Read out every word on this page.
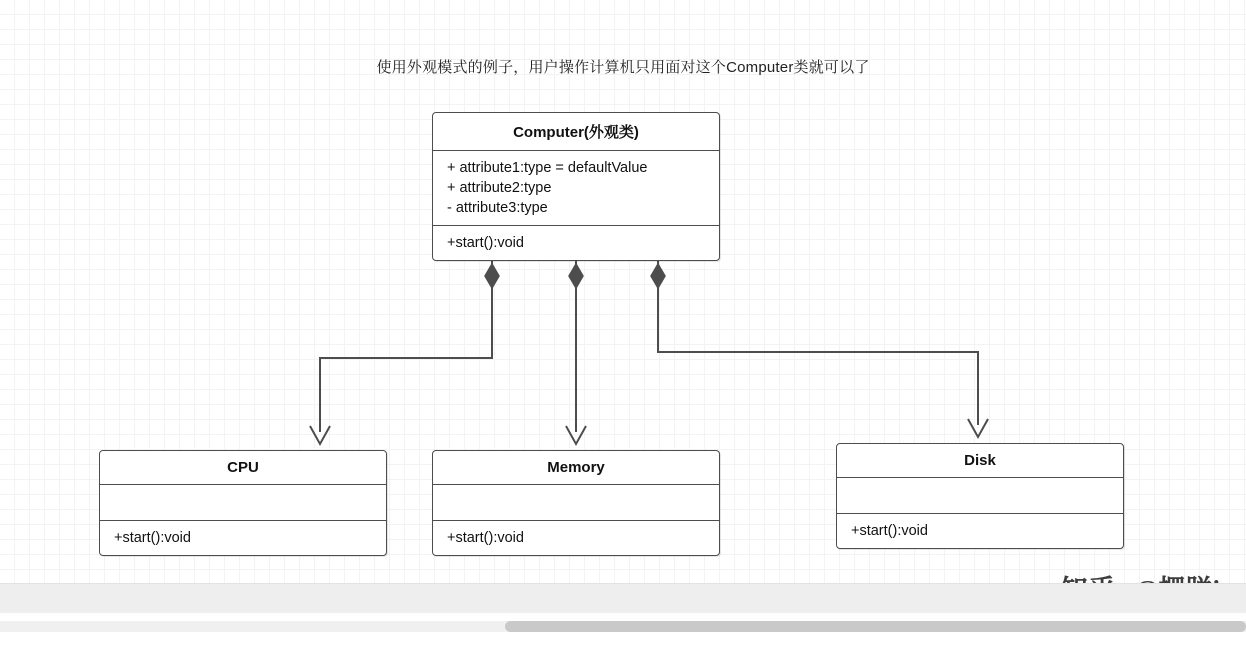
使用外观模式的例子，用户操作计算机只用面对这个Computer类就可以了
Computer(外观类)
+ attribute1:type = defaultValue
+ attribute2:type
- attribute3:type
+start():void
CPU
+start():void
Memory
+start():void
Disk
+start():void
